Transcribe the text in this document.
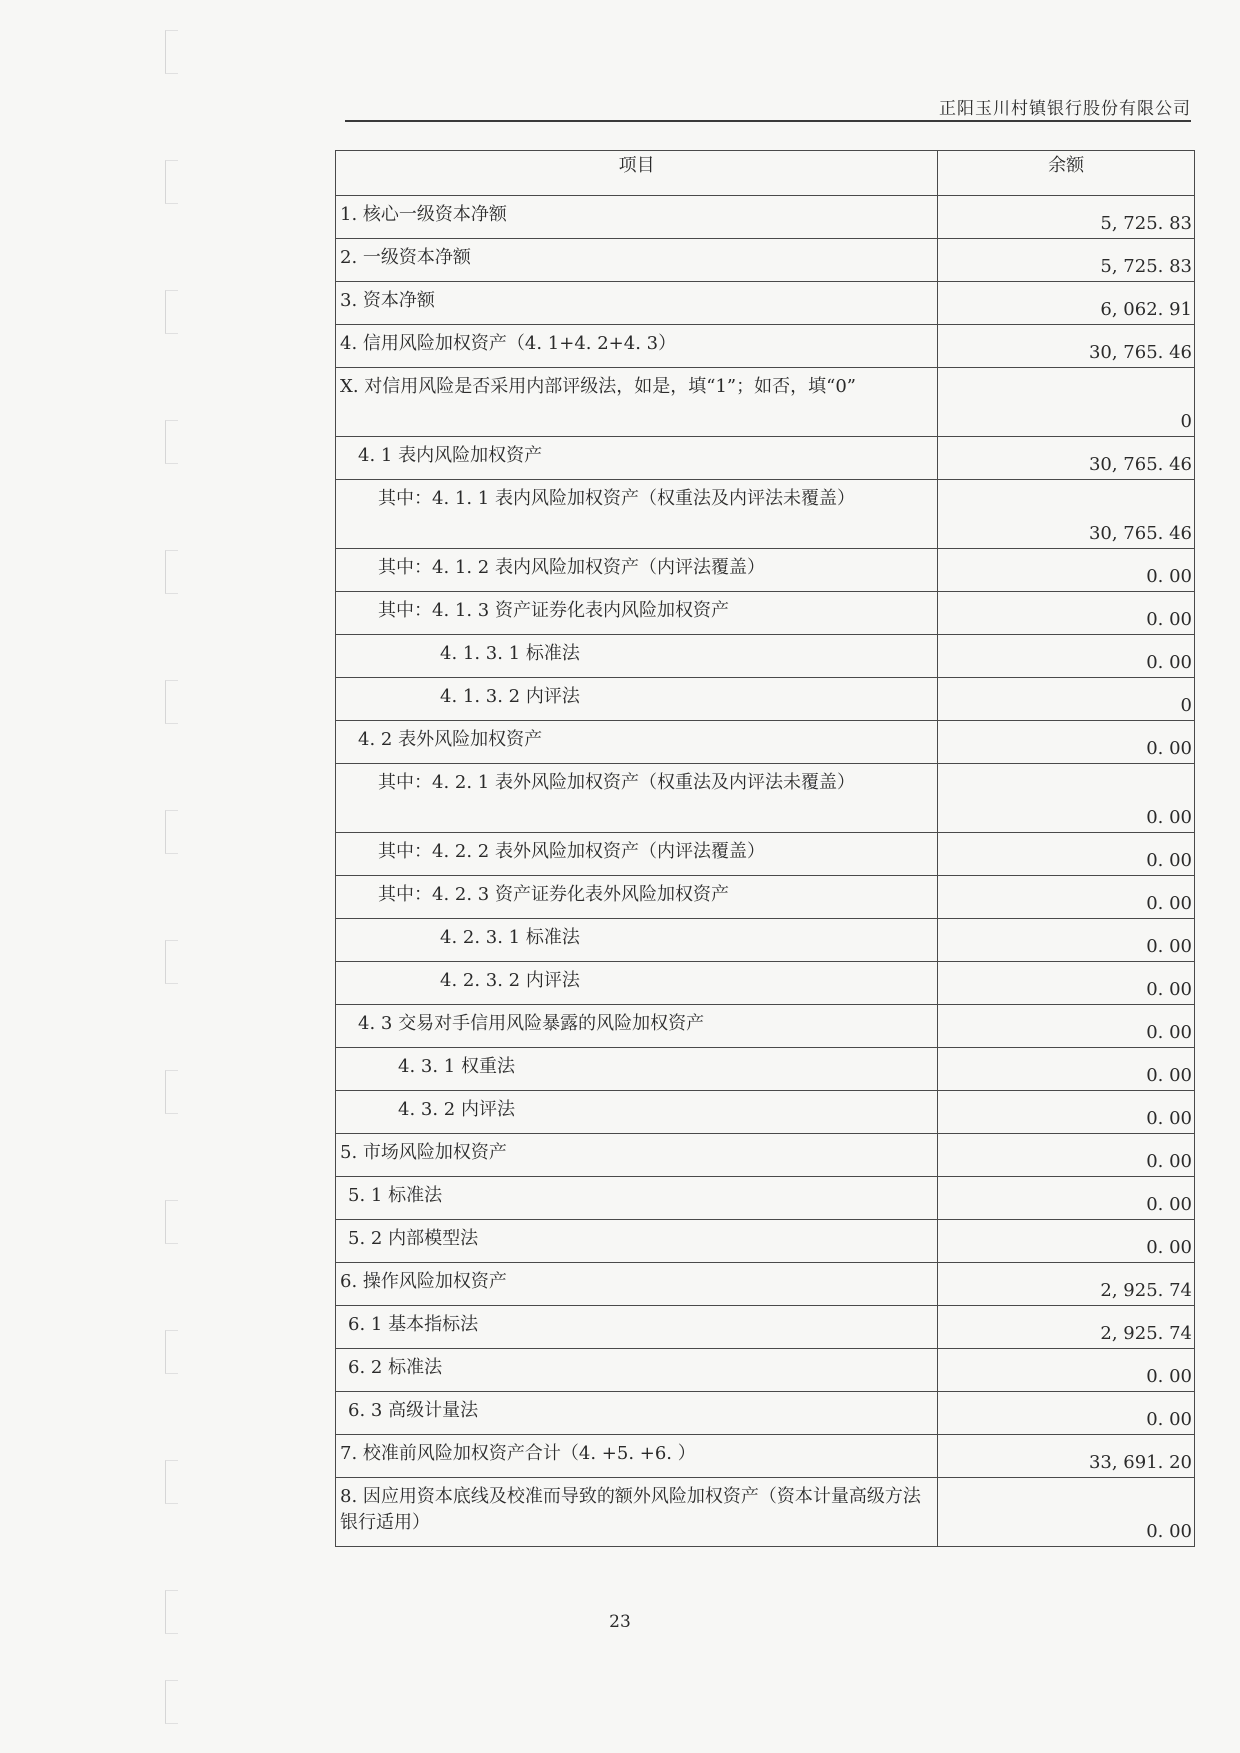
正阳玉川村镇银行股份有限公司
项目	余额
1. 核心一级资本净额	5, 725. 83
2. 一级资本净额	5, 725. 83
3. 资本净额	6, 062. 91
4. 信用风险加权资产（4. 1+4. 2+4. 3）	30, 765. 46
X. 对信用风险是否采用内部评级法，如是，填“1”；如否，填“0”	0
4. 1 表内风险加权资产	30, 765. 46
其中：4. 1. 1 表内风险加权资产（权重法及内评法未覆盖）	30, 765. 46
其中：4. 1. 2 表内风险加权资产（内评法覆盖）	0. 00
其中：4. 1. 3 资产证券化表内风险加权资产	0. 00
4. 1. 3. 1 标准法	0. 00
4. 1. 3. 2 内评法	0
4. 2 表外风险加权资产	0. 00
其中：4. 2. 1 表外风险加权资产（权重法及内评法未覆盖）	0. 00
其中：4. 2. 2 表外风险加权资产（内评法覆盖）	0. 00
其中：4. 2. 3 资产证券化表外风险加权资产	0. 00
4. 2. 3. 1 标准法	0. 00
4. 2. 3. 2 内评法	0. 00
4. 3 交易对手信用风险暴露的风险加权资产	0. 00
4. 3. 1 权重法	0. 00
4. 3. 2 内评法	0. 00
5. 市场风险加权资产	0. 00
5. 1 标准法	0. 00
5. 2 内部模型法	0. 00
6. 操作风险加权资产	2, 925. 74
6. 1 基本指标法	2, 925. 74
6. 2 标准法	0. 00
6. 3 高级计量法	0. 00
7. 校准前风险加权资产合计（4. +5. +6. ）	33, 691. 20
8. 因应用资本底线及校准而导致的额外风险加权资产（资本计量高级方法银行适用）	0. 00
23
